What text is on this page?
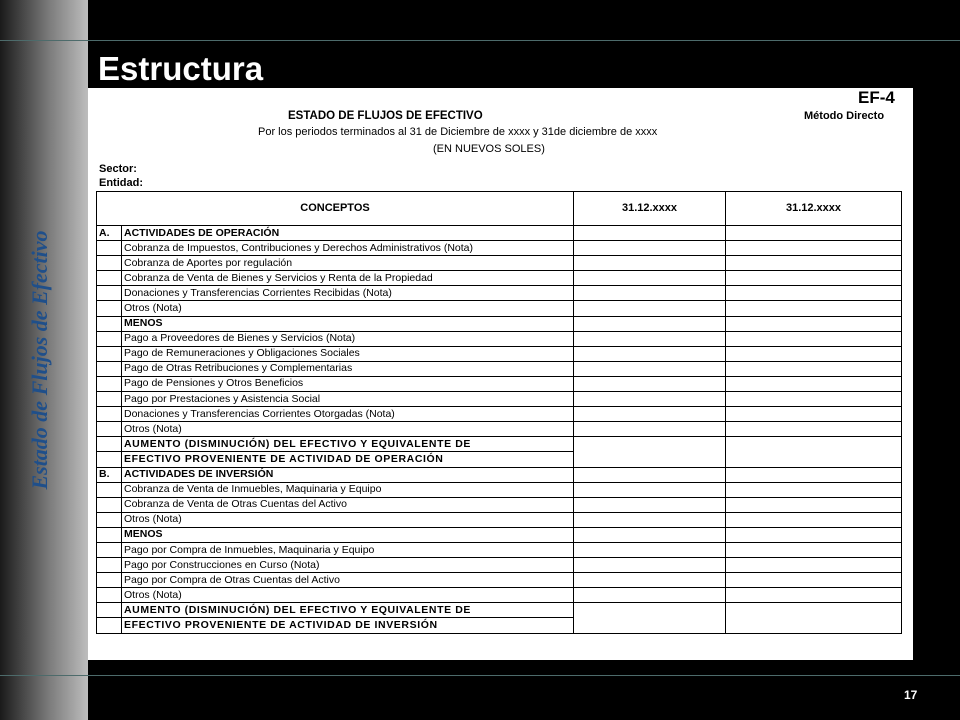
Estado de Flujos de Efectivo
Estructura
EF-4
Método Directo
ESTADO DE FLUJOS DE EFECTIVO
Por los periodos terminados al 31 de Diciembre de xxxx y 31de diciembre de xxxx
(EN NUEVOS SOLES)
Sector:
Entidad:
CONCEPTOS		31.12.xxxx	31.12.xxxx
A.	ACTIVIDADES DE OPERACIÓN		
	Cobranza de Impuestos, Contribuciones y Derechos Administrativos (Nota)		
	Cobranza de Aportes por regulación		
	Cobranza de Venta de Bienes y Servicios y Renta de la Propiedad		
	Donaciones y Transferencias Corrientes Recibidas (Nota)		
	Otros (Nota)		
	MENOS		
	Pago a Proveedores de Bienes y Servicios (Nota)		
	Pago de Remuneraciones y Obligaciones Sociales		
	Pago de Otras Retribuciones y Complementarias		
	Pago de Pensiones y Otros Beneficios		
	Pago por Prestaciones y Asistencia Social		
	Donaciones y Transferencias Corrientes Otorgadas (Nota)		
	Otros (Nota)		
	AUMENTO (DISMINUCIÓN) DEL EFECTIVO Y EQUIVALENTE DE		
	EFECTIVO PROVENIENTE DE ACTIVIDAD DE OPERACIÓN		
B.	ACTIVIDADES DE INVERSIÓN		
	Cobranza de Venta de Inmuebles, Maquinaria y Equipo		
	Cobranza de Venta de Otras Cuentas del Activo		
	Otros (Nota)		
	MENOS		
	Pago por Compra de Inmuebles, Maquinaria y Equipo		
	Pago por Construcciones en Curso (Nota)		
	Pago por Compra de Otras Cuentas del Activo		
	Otros (Nota)		
	AUMENTO (DISMINUCIÓN) DEL EFECTIVO Y EQUIVALENTE DE		
	EFECTIVO PROVENIENTE DE ACTIVIDAD DE INVERSIÓN		
17
